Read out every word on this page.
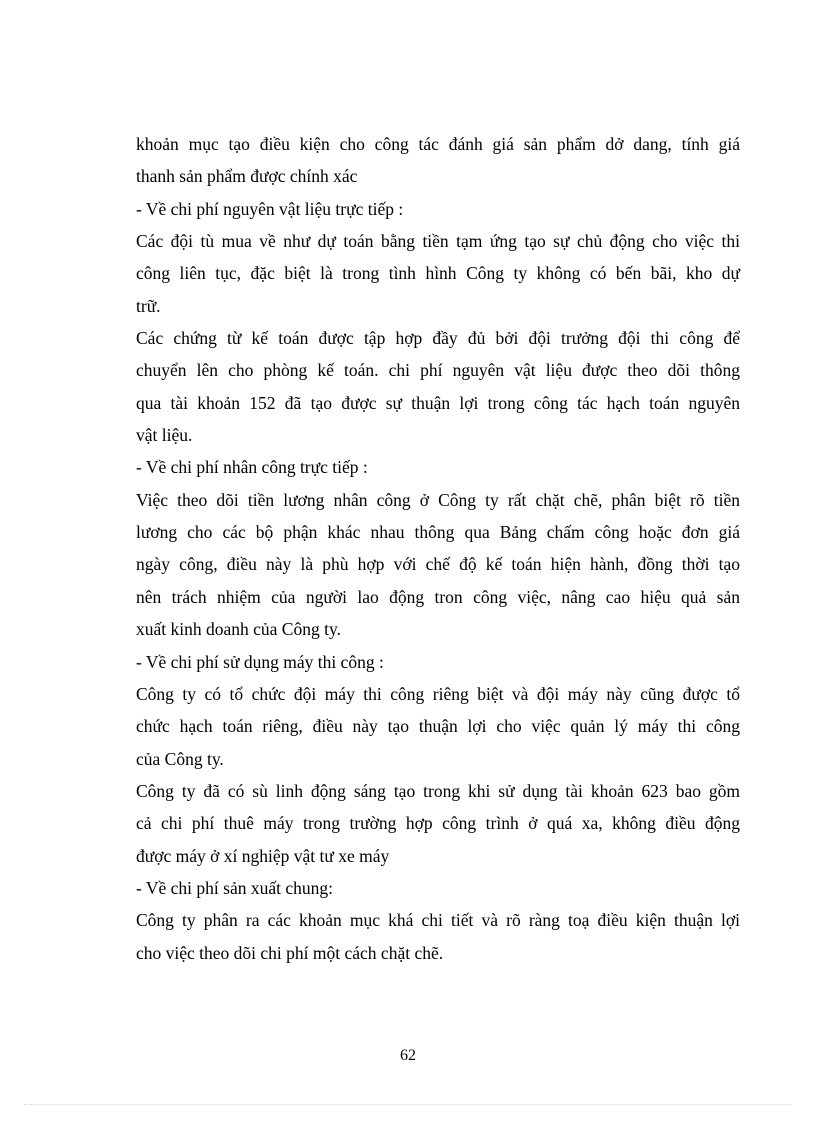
khoản mục tạo điều kiện cho công tác đánh giá sản phẩm dở dang, tính giá
thanh sản phẩm được chính xác
- Về chi phí nguyên vật liệu trực tiếp :
Các đội tù mua về như dự toán bằng tiền tạm ứng tạo sự chủ động cho việc thi
công liên tục, đặc biệt là trong tình hình Công ty không có bến bãi, kho dự
trữ.
Các chứng từ kế toán được tập hợp đầy đủ bởi đội trưởng đội thi công để
chuyển lên cho phòng kế toán. chi phí nguyên vật liệu được theo dõi thông
qua tài khoản 152 đã tạo được sự thuận lợi trong công tác hạch toán nguyên
vật liệu.
- Về chi phí nhân công trực tiếp :
Việc theo dõi tiền lương nhân công ở Công ty rất chặt chẽ, phân biệt rõ tiền
lương cho các bộ phận khác nhau thông qua Bảng chấm công hoặc đơn giá
ngày công, điều này là phù hợp với chế độ kế toán hiện hành, đồng thời tạo
nên trách nhiệm của người lao động tron công việc, nâng cao hiệu quả sản
xuất kinh doanh của Công ty.
- Về chi phí sử dụng máy thi công :
Công ty có tổ chức đội máy thi công riêng biệt và đội máy này cũng được tổ
chức hạch toán riêng, điều này tạo thuận lợi cho việc quản lý máy thi công
của Công ty.
Công ty đã có sù linh động sáng tạo trong khi sử dụng tài khoản 623 bao gồm
cả chi phí thuê máy trong trường hợp công trình ở quá xa, không điều động
được máy ở xí nghiệp vật tư xe máy
- Về chi phí sản xuất chung:
Công ty phân ra các khoản mục khá chi tiết và rõ ràng toạ điều kiện thuận lợi
cho việc theo dõi chi phí một cách chặt chẽ.
62
